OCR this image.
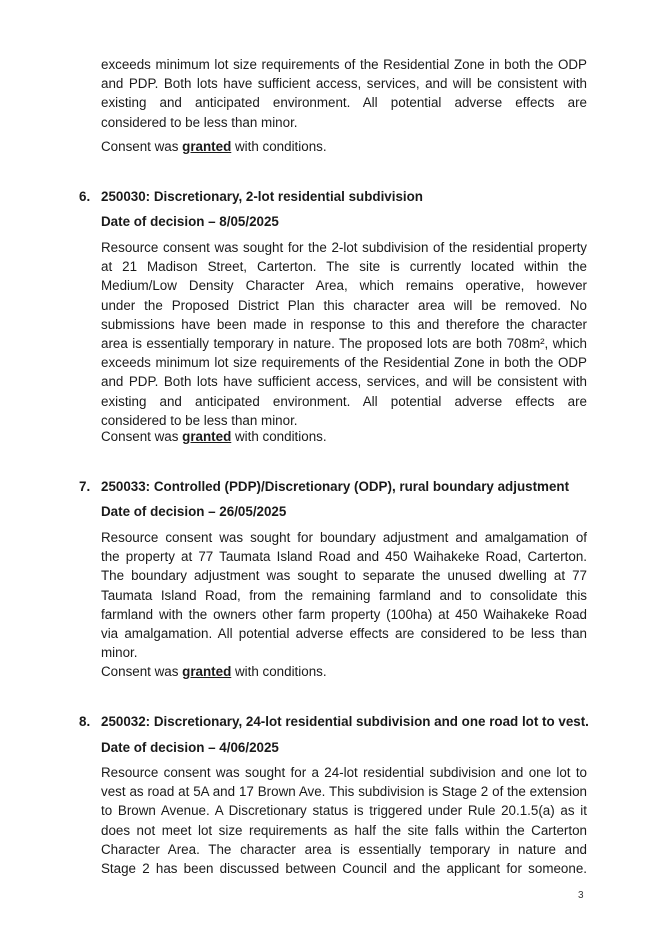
exceeds minimum lot size requirements of the Residential Zone in both the ODP
and PDP. Both lots have sufficient access, services, and will be consistent with
existing and anticipated environment. All potential adverse effects are
considered to be less than minor.

Consent was granted with conditions.

6. 250030: Discretionary, 2-lot residential subdivision

Date of decision – 8/05/2025

Resource consent was sought for the 2-lot subdivision of the residential property
at 21 Madison Street, Carterton. The site is currently located within the
Medium/Low Density Character Area, which remains operative, however
under the Proposed District Plan this character area will be removed. No
submissions have been made in response to this and therefore the character
area is essentially temporary in nature. The proposed lots are both 708m², which
exceeds minimum lot size requirements of the Residential Zone in both the ODP
and PDP. Both lots have sufficient access, services, and will be consistent with
existing and anticipated environment. All potential adverse effects are
considered to be less than minor.

Consent was granted with conditions.

7. 250033: Controlled (PDP)/Discretionary (ODP), rural boundary adjustment

Date of decision – 26/05/2025

Resource consent was sought for boundary adjustment and amalgamation of
the property at 77 Taumata Island Road and 450 Waihakeke Road, Carterton.
The boundary adjustment was sought to separate the unused dwelling at 77
Taumata Island Road, from the remaining farmland and to consolidate this
farmland with the owners other farm property (100ha) at 450 Waihakeke Road
via amalgamation. All potential adverse effects are considered to be less than
minor.

Consent was granted with conditions.

8. 250032: Discretionary, 24-lot residential subdivision and one road lot to vest.

Date of decision – 4/06/2025

Resource consent was sought for a 24-lot residential subdivision and one lot to
vest as road at 5A and 17 Brown Ave. This subdivision is Stage 2 of the extension
to Brown Avenue. A Discretionary status is triggered under Rule 20.1.5(a) as it
does not meet lot size requirements as half the site falls within the Carterton
Character Area. The character area is essentially temporary in nature and
Stage 2 has been discussed between Council and the applicant for someone.
3
